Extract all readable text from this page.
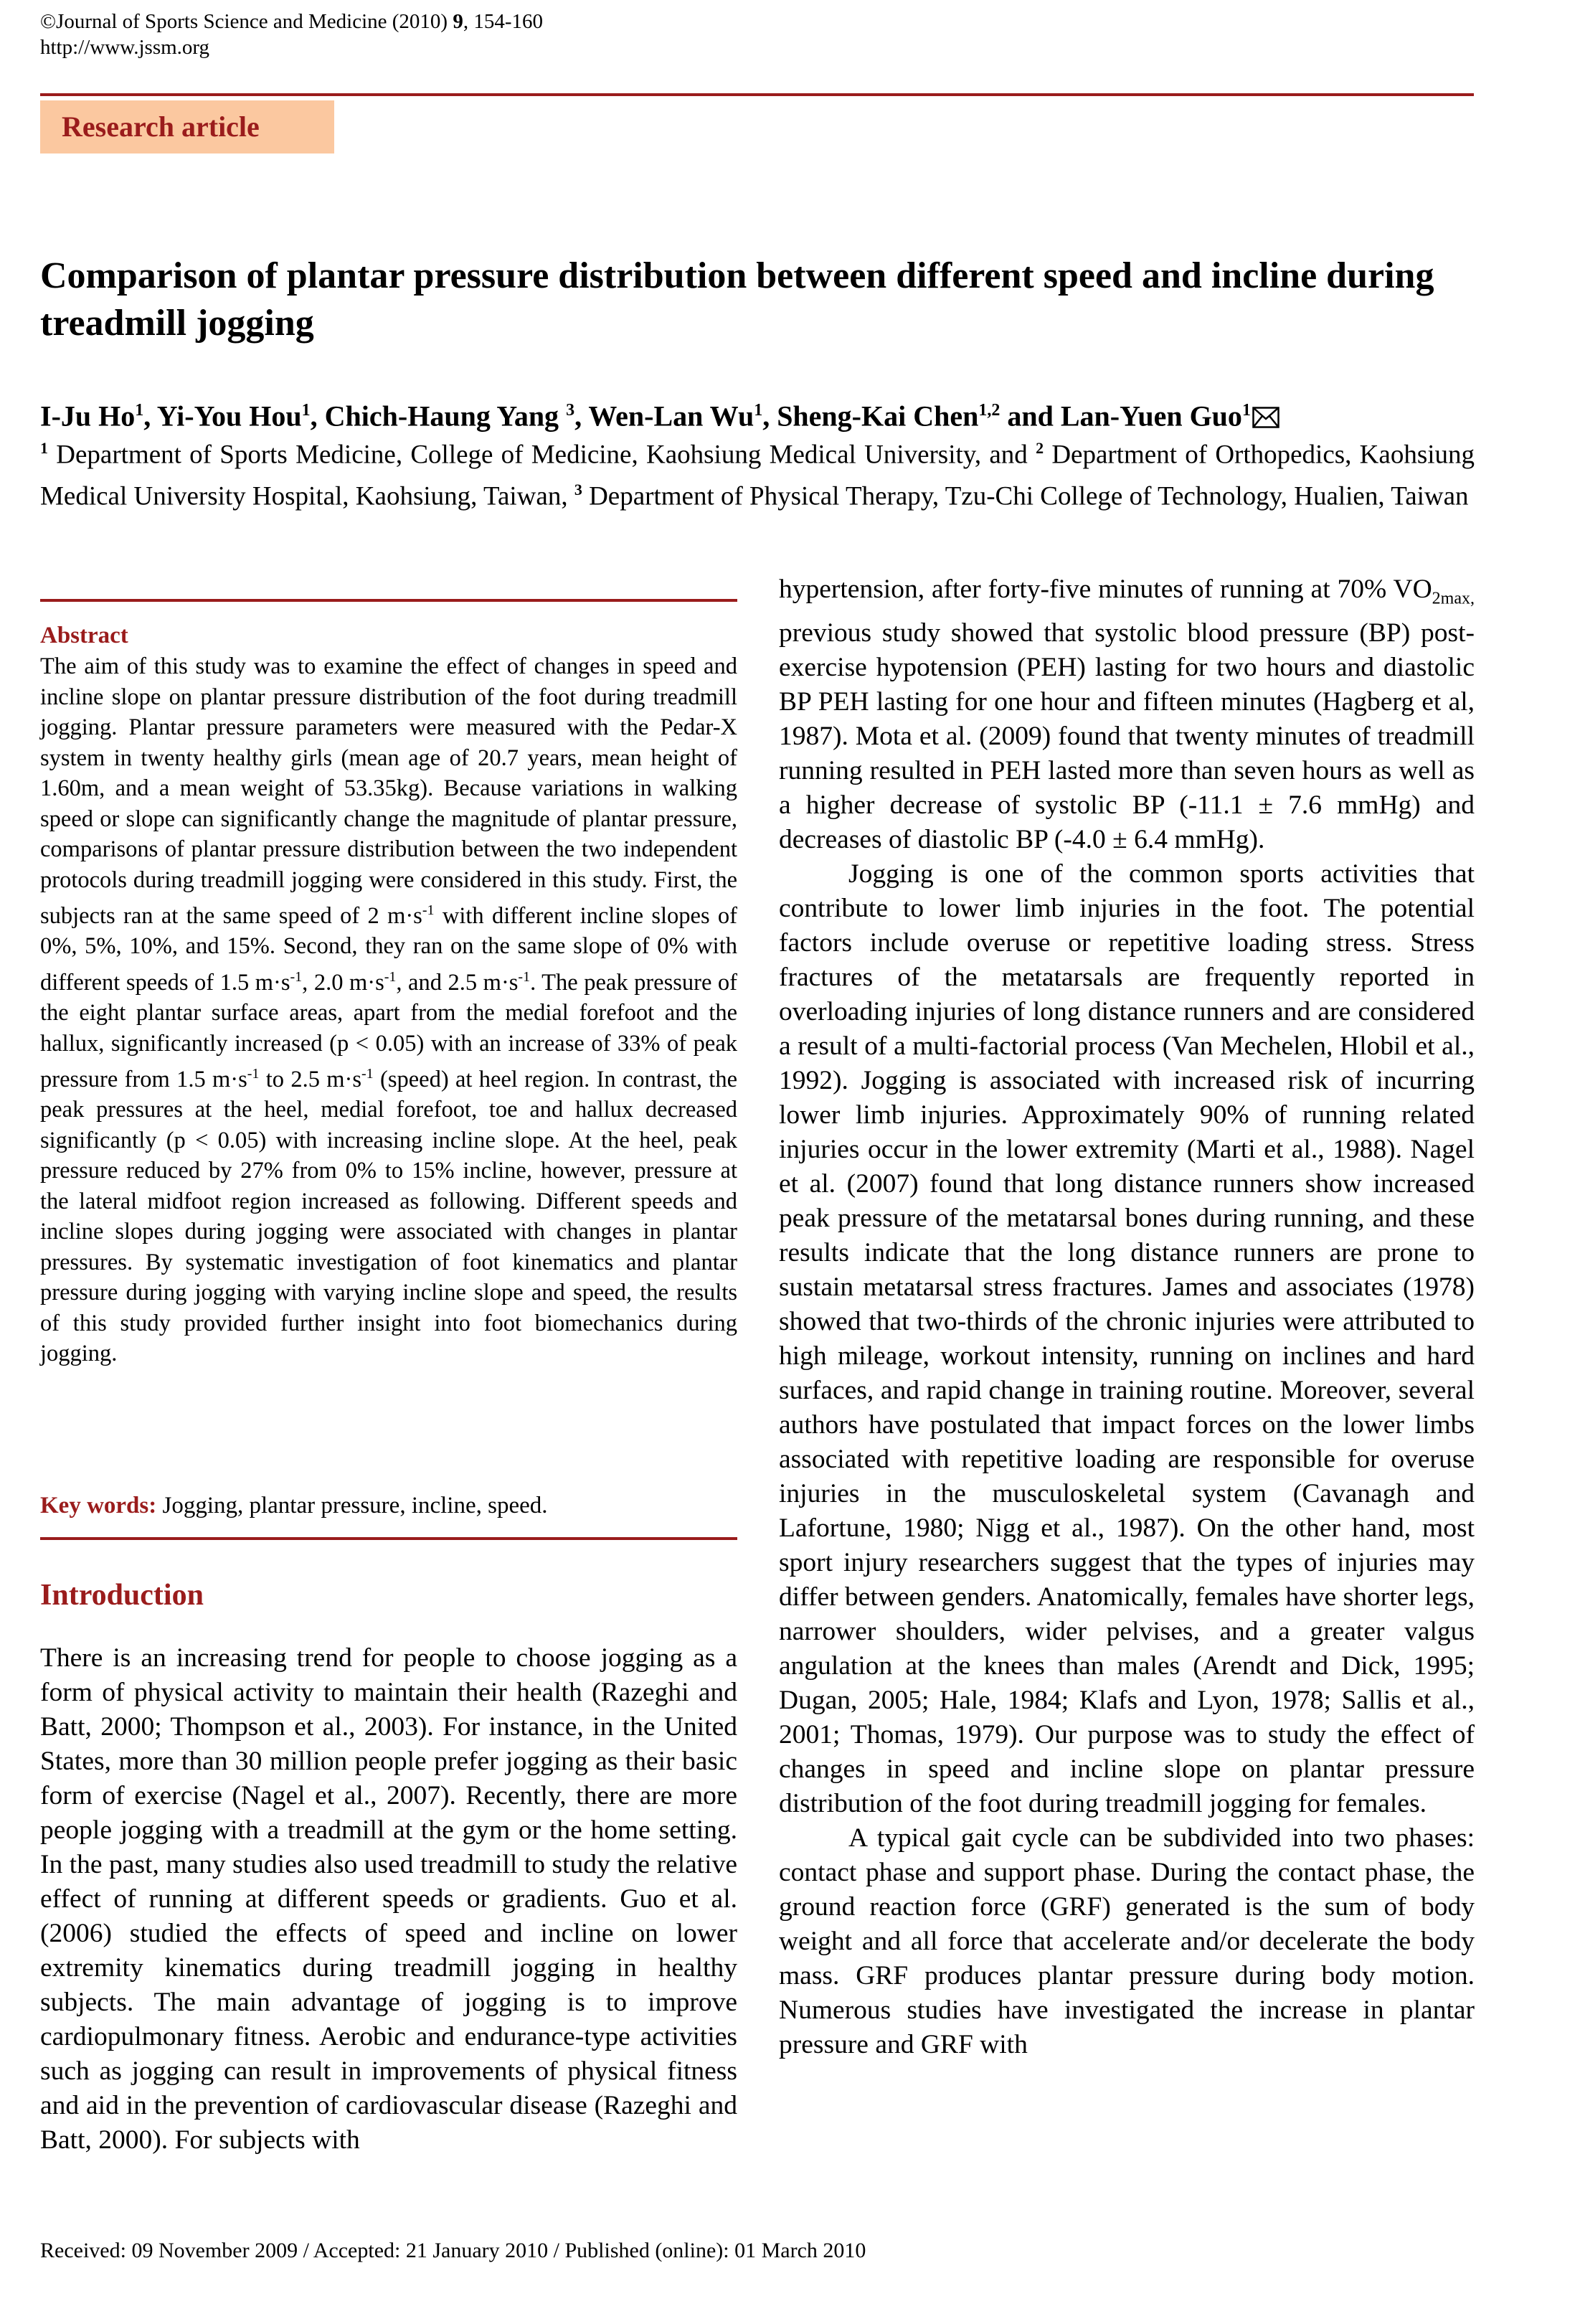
©Journal of Sports Science and Medicine (2010) 9, 154-160
http://www.jssm.org
Research article
Comparison of plantar pressure distribution between different speed and incline during treadmill jogging
I-Ju Ho$^1$, Yi-You Hou$^1$, Chich-Haung Yang $^3$, Wen-Lan Wu$^1$, Sheng-Kai Chen$^{1,2}$ and Lan-Yuen Guo$^1$
$^1$ Department of Sports Medicine, College of Medicine, Kaohsiung Medical University, and $^2$ Department of Orthopedics, Kaohsiung Medical University Hospital, Kaohsiung, Taiwan, $^3$ Department of Physical Therapy, Tzu-Chi College of Technology, Hualien, Taiwan
Abstract
The aim of this study was to examine the effect of changes in speed and incline slope on plantar pressure distribution of the foot during treadmill jogging. Plantar pressure parameters were measured with the Pedar-X system in twenty healthy girls (mean age of 20.7 years, mean height of 1.60m, and a mean weight of 53.35kg). Because variations in walking speed or slope can significantly change the magnitude of plantar pressure, comparisons of plantar pressure distribution between the two independent protocols during treadmill jogging were considered in this study. First, the subjects ran at the same speed of 2 $m\cdot s^{-1}$ with different incline slopes of 0%, 5%, 10%, and 15%. Second, they ran on the same slope of 0% with different speeds of 1.5 $m\cdot s^{-1}$, 2.0 $m\cdot s^{-1}$, and 2.5 $m\cdot s^{-1}$. The peak pressure of the eight plantar surface areas, apart from the medial forefoot and the hallux, significantly increased (p < 0.05) with an increase of 33% of peak pressure from 1.5 $m\cdot s^{-1}$ to 2.5 $m\cdot s^{-1}$ (speed) at heel region. In contrast, the peak pressures at the heel, medial forefoot, toe and hallux decreased significantly (p < 0.05) with increasing incline slope. At the heel, peak pressure reduced by 27% from 0% to 15% incline, however, pressure at the lateral midfoot region increased as following. Different speeds and incline slopes during jogging were associated with changes in plantar pressures. By systematic investigation of foot kinematics and plantar pressure during jogging with varying incline slope and speed, the results of this study provided further insight into foot biomechanics during jogging.
Key words: Jogging, plantar pressure, incline, speed.
Introduction
There is an increasing trend for people to choose jogging as a form of physical activity to maintain their health (Razeghi and Batt, 2000; Thompson et al., 2003). For instance, in the United States, more than 30 million people prefer jogging as their basic form of exercise (Nagel et al., 2007). Recently, there are more people jogging with a treadmill at the gym or the home setting. In the past, many studies also used treadmill to study the relative effect of running at different speeds or gradients. Guo et al. (2006) studied the effects of speed and incline on lower extremity kinematics during treadmill jogging in healthy subjects. The main advantage of jogging is to improve cardiopulmonary fitness. Aerobic and endurance-type activities such as jogging can result in improvements of physical fitness and aid in the prevention of cardiovascular disease (Razeghi and Batt, 2000). For subjects with

hypertension, after forty-five minutes of running at 70% $VO_{2max,}$ previous study showed that systolic blood pressure (BP) post-exercise hypotension (PEH) lasting for two hours and diastolic BP PEH lasting for one hour and fifteen minutes (Hagberg et al, 1987). Mota et al. (2009) found that twenty minutes of treadmill running resulted in PEH lasted more than seven hours as well as a higher decrease of systolic BP (-11.1 ± 7.6 mmHg) and decreases of diastolic BP (-4.0 ± 6.4 mmHg).

Jogging is one of the common sports activities that contribute to lower limb injuries in the foot. The potential factors include overuse or repetitive loading stress. Stress fractures of the metatarsals are frequently reported in overloading injuries of long distance runners and are considered a result of a multi-factorial process (Van Mechelen, Hlobil et al., 1992). Jogging is associated with increased risk of incurring lower limb injuries. Approximately 90% of running related injuries occur in the lower extremity (Marti et al., 1988). Nagel et al. (2007) found that long distance runners show increased peak pressure of the metatarsal bones during running, and these results indicate that the long distance runners are prone to sustain metatarsal stress fractures. James and associates (1978) showed that two-thirds of the chronic injuries were attributed to high mileage, workout intensity, running on inclines and hard surfaces, and rapid change in training routine. Moreover, several authors have postulated that impact forces on the lower limbs associated with repetitive loading are responsible for overuse injuries in the musculoskeletal system (Cavanagh and Lafortune, 1980; Nigg et al., 1987). On the other hand, most sport injury researchers suggest that the types of injuries may differ between genders. Anatomically, females have shorter legs, narrower shoulders, wider pelvises, and a greater valgus angulation at the knees than males (Arendt and Dick, 1995; Dugan, 2005; Hale, 1984; Klafs and Lyon, 1978; Sallis et al., 2001; Thomas, 1979). Our purpose was to study the effect of changes in speed and incline slope on plantar pressure distribution of the foot during treadmill jogging for females.

A typical gait cycle can be subdivided into two phases: contact phase and support phase. During the contact phase, the ground reaction force (GRF) generated is the sum of body weight and all force that accelerate and/or decelerate the body mass. GRF produces plantar pressure during body motion. Numerous studies have investigated the increase in plantar pressure and GRF with

Received: 09 November 2009 / Accepted: 21 January 2010 / Published (online): 01 March 2010
